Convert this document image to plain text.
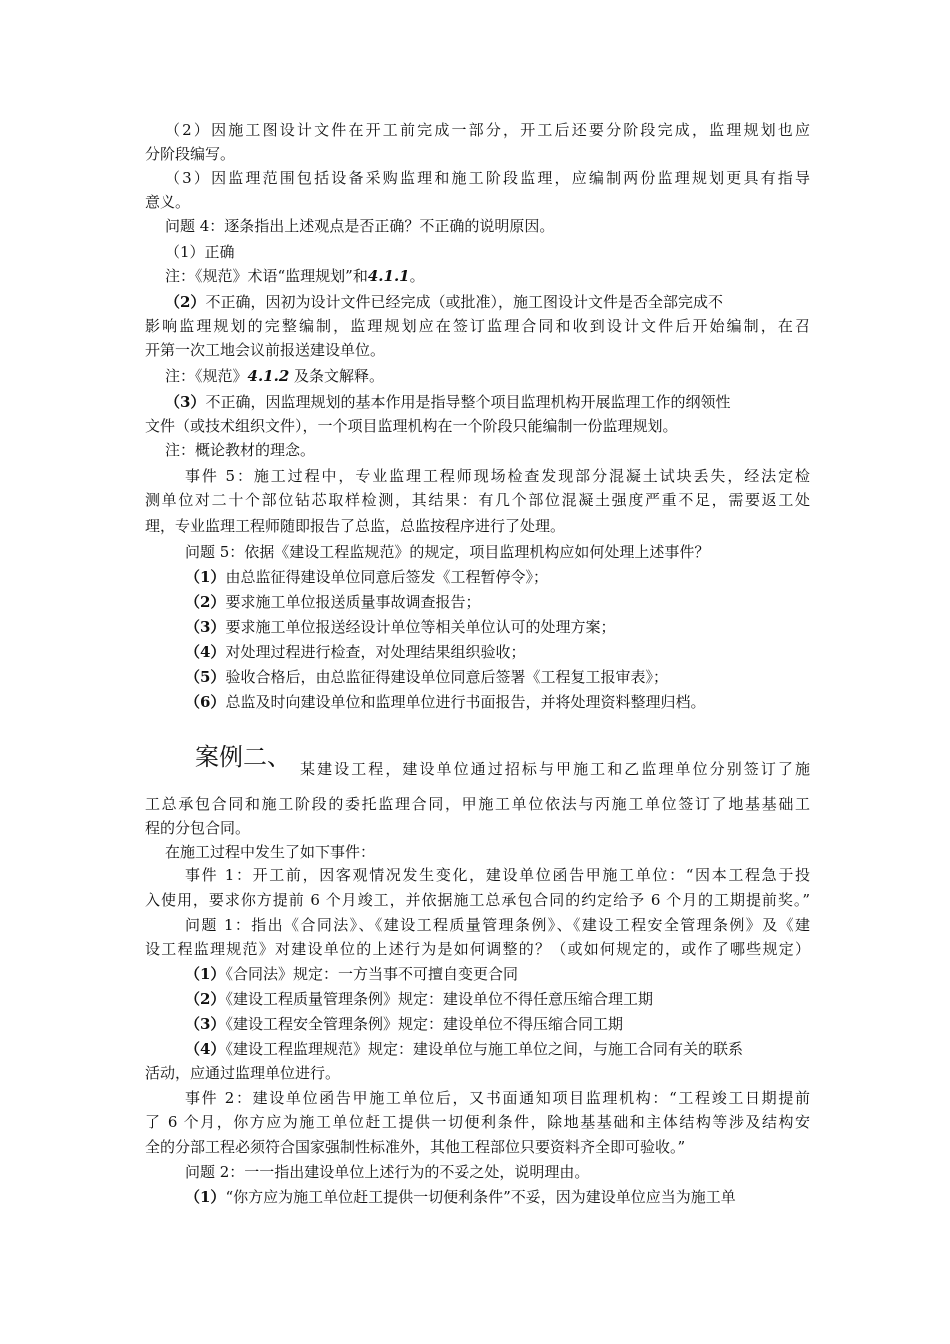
（2）因施工图设计文件在开工前完成一部分，开工后还要分阶段完成，监理规划也应
分阶段编写。
（3）因监理范围包括设备采购监理和施工阶段监理，应编制两份监理规划更具有指导
意义。
问题 4：逐条指出上述观点是否正确？不正确的说明原因。
（1）正确
注：《规范》术语“监理规划”和4.1.1。
（2）不正确，因初为设计文件已经完成（或批准），施工图设计文件是否全部完成不
影响监理规划的完整编制，监理规划应在签订监理合同和收到设计文件后开始编制，在召
开第一次工地会议前报送建设单位。
注：《规范》4.1.2 及条文解释。
（3）不正确，因监理规划的基本作用是指导整个项目监理机构开展监理工作的纲领性
文件（或技术组织文件），一个项目监理机构在一个阶段只能编制一份监理规划。
注：概论教材的理念。
事件 5：施工过程中，专业监理工程师现场检查发现部分混凝土试块丢失，经法定检
测单位对二十个部位钻芯取样检测，其结果：有几个部位混凝土强度严重不足，需要返工处
理，专业监理工程师随即报告了总监，总监按程序进行了处理。
问题 5：依据《建设工程监规范》的规定，项目监理机构应如何处理上述事件？
（1）由总监征得建设单位同意后签发《工程暂停令》；
（2）要求施工单位报送质量事故调查报告；
（3）要求施工单位报送经设计单位等相关单位认可的处理方案；
（4）对处理过程进行检查，对处理结果组织验收；
（5）验收合格后，由总监征得建设单位同意后签署《工程复工报审表》；
（6）总监及时向建设单位和监理单位进行书面报告，并将处理资料整理归档。
案例二、 某建设工程，建设单位通过招标与甲施工和乙监理单位分别签订了施
工总承包合同和施工阶段的委托监理合同，甲施工单位依法与丙施工单位签订了地基基础工
程的分包合同。
在施工过程中发生了如下事件：
事件 1：开工前，因客观情况发生变化，建设单位函告甲施工单位：“因本工程急于投
入使用，要求你方提前 6 个月竣工，并依据施工总承包合同的约定给予 6 个月的工期提前奖。”
问题 1：指出《合同法》、《建设工程质量管理条例》、《建设工程安全管理条例》及《建
设工程监理规范》对建设单位的上述行为是如何调整的？（或如何规定的，或作了哪些规定）
（1）《合同法》规定：一方当事不可擅自变更合同
（2）《建设工程质量管理条例》规定：建设单位不得任意压缩合理工期
（3）《建设工程安全管理条例》规定：建设单位不得压缩合同工期
（4）《建设工程监理规范》规定：建设单位与施工单位之间，与施工合同有关的联系
活动，应通过监理单位进行。
事件 2：建设单位函告甲施工单位后，又书面通知项目监理机构：“工程竣工日期提前
了 6 个月，你方应为施工单位赶工提供一切便利条件，除地基基础和主体结构等涉及结构安
全的分部工程必须符合国家强制性标准外，其他工程部位只要资料齐全即可验收。”
问题 2：一一指出建设单位上述行为的不妥之处，说明理由。
（1）“你方应为施工单位赶工提供一切便利条件”不妥，因为建设单位应当为施工单
